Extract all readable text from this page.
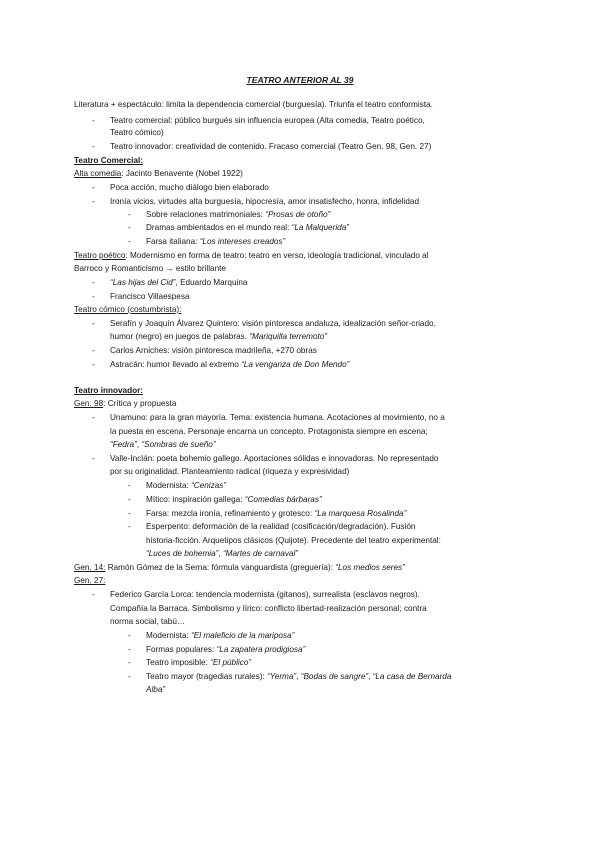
TEATRO ANTERIOR AL 39
Literatura + espectáculo: limita la dependencia comercial (burguesía). Triunfa el teatro conformista.
- Teatro comercial: público burgués sin influencia europea (Alta comedia, Teatro poético,
Teatro cómico)
- Teatro innovador: creatividad de contenido. Fracaso comercial (Teatro Gen. 98, Gen. 27)
Teatro Comercial:
Alta comedia: Jacinto Benavente (Nobel 1922)
- Poca acción, mucho diálogo bien elaborado
- Ironía vicios, virtudes alta burguesía, hipocresía, amor insatisfecho, honra, infidelidad
- Sobre relaciones matrimoniales: “Prosas de otoño”
- Dramas ambientados en el mundo real: “La Malquerida”
- Farsa italiana: “Los intereses creados”
Teatro poético: Modernismo en forma de teatro: teatro en verso, ideología tradicional, vinculado al
Barroco y Romanticismo → estilo brillante
- “Las hijas del Cid”, Eduardo Marquina
- Francisco Villaespesa
Teatro cómico (costumbrista):
- Serafín y Joaquín Álvarez Quintero: visión pintoresca andaluza, idealización señor-criado,
humor (negro) en juegos de palabras. “Mariquilla terremoto”
- Carlos Arniches: visión pintoresca madrileña, +270 obras
- Astracán: humor llevado al extremo “La venganza de Don Mendo”
Teatro innovador:
Gen. 98: Crítica y propuesta
- Unamuno: para la gran mayoría. Tema: existencia humana. Acotaciones al movimiento, no a
la puesta en escena. Personaje encarna un concepto. Protagonista siempre en escena;
“Fedra”, “Sombras de sueño”
- Valle-Inclán: poeta bohemio gallego. Aportaciones sólidas e innovadoras. No representado
por su originalidad. Planteamiento radical (riqueza y expresividad)
- Modernista: “Cenizas”
- Mítico: inspiración gallega: “Comedias bárbaras”
- Farsa: mezcla ironía, refinamiento y grotesco: “La marquesa Rosalinda”
- Esperpento: deformación de la realidad (cosificación/degradación). Fusión
historia-ficción. Arquetipos clásicos (Quijote). Precedente del teatro experimental:
“Luces de bohemia”, “Martes de carnaval”
Gen. 14: Ramón Gómez de la Serna: fórmula vanguardista (greguería): “Los medios seres”
Gen. 27:
- Federico García Lorca: tendencia modernista (gitanos), surrealista (esclavos negros).
Compañía la Barraca. Simbolismo y lírico: conflicto libertad-realización personal; contra
norma social, tabú…
- Modernista: “El maleficio de la mariposa”
- Formas populares: “La zapatera prodigiosa”
- Teatro imposible: “El público”
- Teatro mayor (tragedias rurales): “Yerma”, “Bodas de sangre”, “La casa de Bernarda
Alba”
